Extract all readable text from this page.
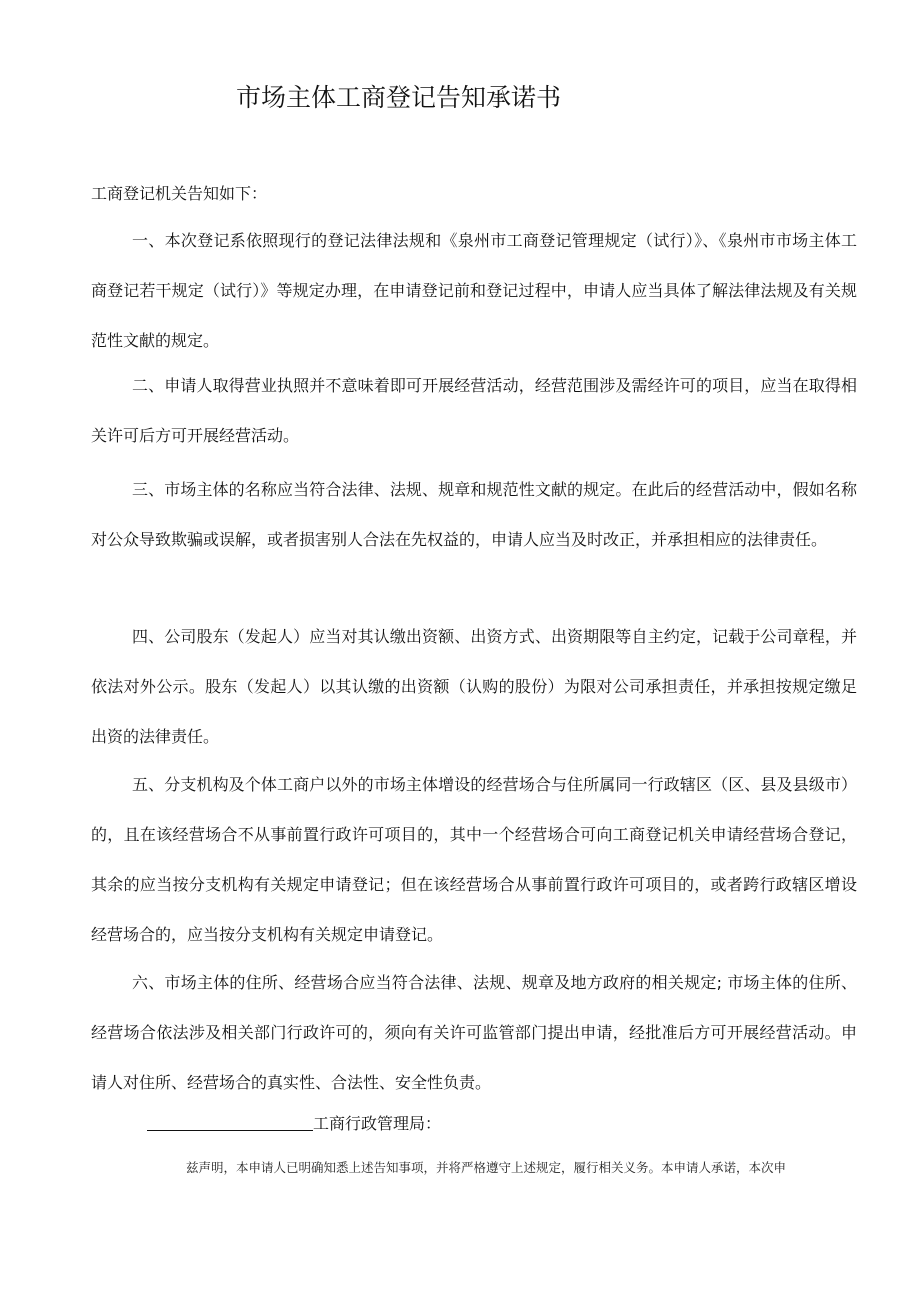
市场主体工商登记告知承诺书

工商登记机关告知如下：

一、本次登记系依照现行的登记法律法规和《泉州市工商登记管理规定（试行）》、《泉州市市场主体工商登记若干规定（试行）》等规定办理，在申请登记前和登记过程中，申请人应当具体了解法律法规及有关规范性文献的规定。

二、申请人取得营业执照并不意味着即可开展经营活动，经营范围涉及需经许可的项目，应当在取得相关许可后方可开展经营活动。

三、市场主体的名称应当符合法律、法规、规章和规范性文献的规定。在此后的经营活动中，假如名称对公众导致欺骗或误解，或者损害别人合法在先权益的，申请人应当及时改正，并承担相应的法律责任。

四、公司股东（发起人）应当对其认缴出资额、出资方式、出资期限等自主约定，记载于公司章程，并依法对外公示。股东（发起人）以其认缴的出资额（认购的股份）为限对公司承担责任，并承担按规定缴足出资的法律责任。

五、分支机构及个体工商户以外的市场主体增设的经营场合与住所属同一行政辖区（区、县及县级市）的，且在该经营场合不从事前置行政许可项目的，其中一个经营场合可向工商登记机关申请经营场合登记，其余的应当按分支机构有关规定申请登记；但在该经营场合从事前置行政许可项目的，或者跨行政辖区增设经营场合的，应当按分支机构有关规定申请登记。

六、市场主体的住所、经营场合应当符合法律、法规、规章及地方政府的相关规定; 市场主体的住所、经营场合依法涉及相关部门行政许可的，须向有关许可监管部门提出申请，经批准后方可开展经营活动。申请人对住所、经营场合的真实性、合法性、安全性负责。

工商行政管理局：

兹声明，本申请人已明确知悉上述告知事项，并将严格遵守上述规定，履行相关义务。本申请人承诺，本次申
